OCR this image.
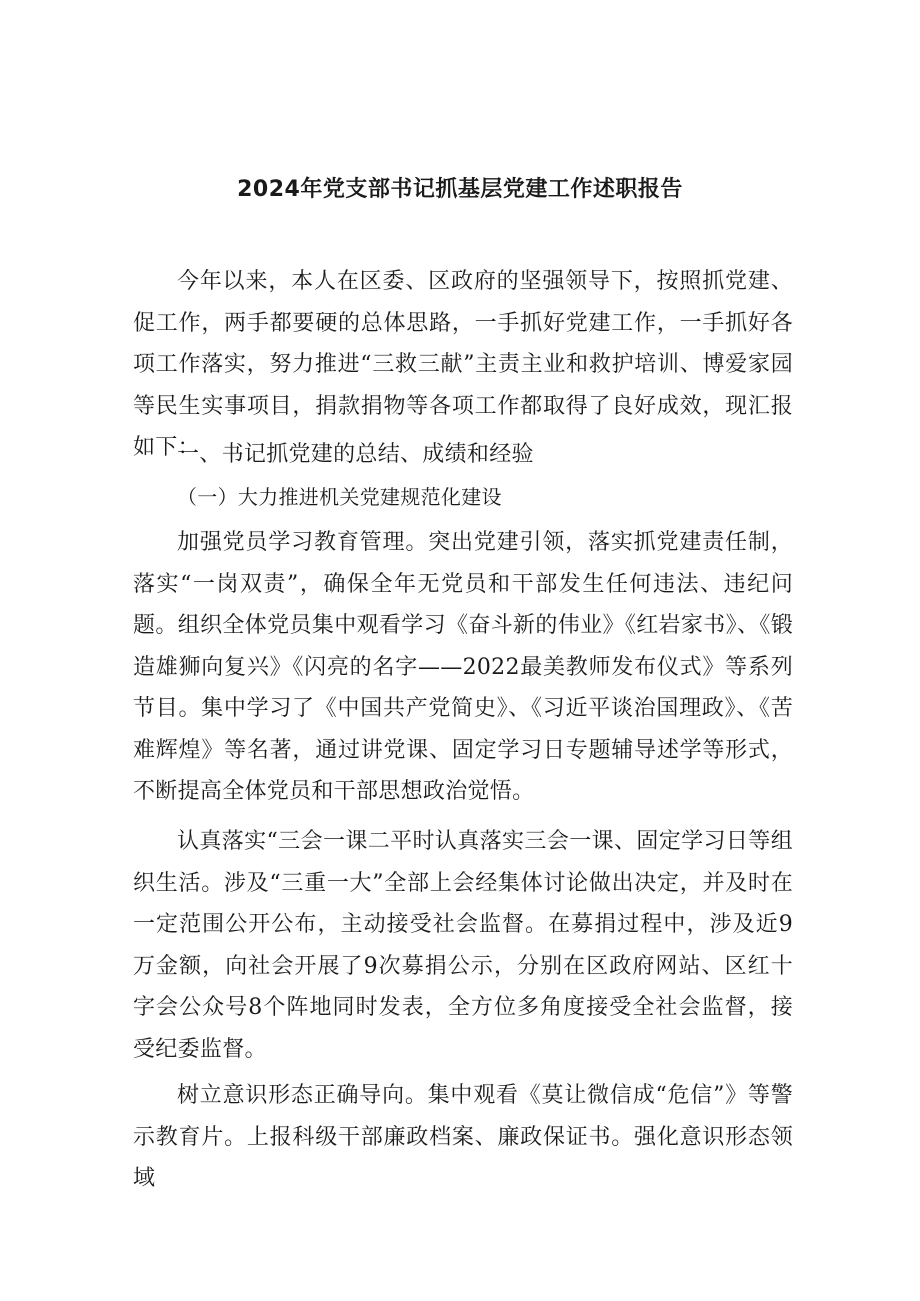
2024年党支部书记抓基层党建工作述职报告

今年以来，本人在区委、区政府的坚强领导下，按照抓党建、促工作，两手都要硬的总体思路，一手抓好党建工作，一手抓好各项工作落实，努力推进“三救三献”主责主业和救护培训、博爱家园等民生实事项目，捐款捐物等各项工作都取得了良好成效，现汇报如下：

一、书记抓党建的总结、成绩和经验
（一）大力推进机关党建规范化建设

加强党员学习教育管理。突出党建引领，落实抓党建责任制，落实“一岗双责”，确保全年无党员和干部发生任何违法、违纪问题。组织全体党员集中观看学习《奋斗新的伟业》《红岩家书》、《锻造雄狮向复兴》《闪亮的名字——2022最美教师发布仪式》等系列节目。集中学习了《中国共产党简史》、《习近平谈治国理政》、《苦难辉煌》等名著，通过讲党课、固定学习日专题辅导述学等形式，不断提高全体党员和干部思想政治觉悟。

认真落实“三会一课二平时认真落实三会一课、固定学习日等组织生活。涉及“三重一大”全部上会经集体讨论做出决定，并及时在一定范围公开公布，主动接受社会监督。在募捐过程中，涉及近9万金额，向社会开展了9次募捐公示，分别在区政府网站、区红十字会公众号8个阵地同时发表，全方位多角度接受全社会监督，接受纪委监督。

树立意识形态正确导向。集中观看《莫让微信成“危信”》等警示教育片。上报科级干部廉政档案、廉政保证书。强化意识形态领域
